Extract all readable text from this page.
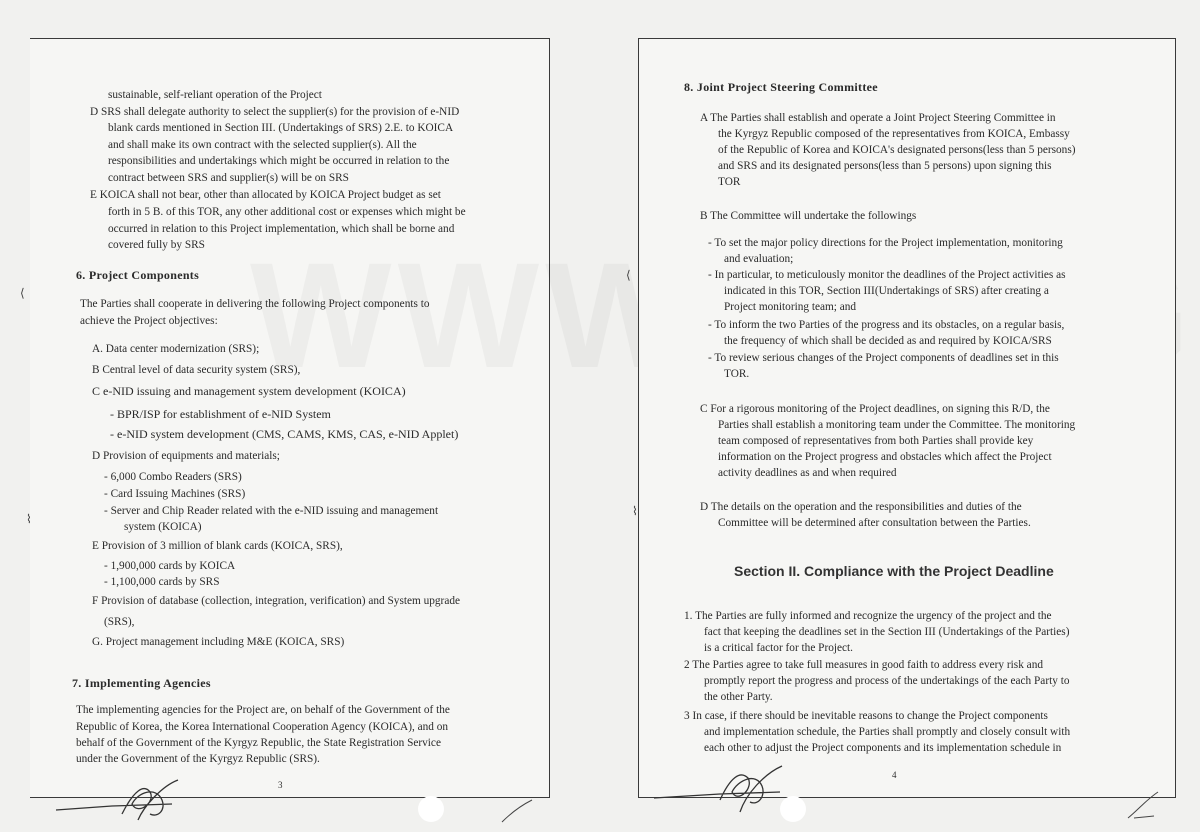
sustainable, self-reliant operation of the Project
D SRS shall delegate authority to select the supplier(s) for the provision of e-NID
blank cards mentioned in Section III. (Undertakings of SRS) 2.E. to KOICA
and shall make its own contract with the selected supplier(s). All the
responsibilities and undertakings which might be occurred in relation to the
contract between SRS and supplier(s) will be on SRS
E KOICA shall not bear, other than allocated by KOICA Project budget as set
forth in 5 B. of this TOR, any other additional cost or expenses which might be
occurred in relation to this Project implementation, which shall be borne and
covered fully by SRS
6. Project Components
The Parties shall cooperate in delivering the following Project components to
achieve the Project objectives:
A. Data center modernization (SRS);
B Central level of data security system (SRS),
C e-NID issuing and management system development (KOICA)
- BPR/ISP for establishment of e-NID System
- e-NID system development (CMS, CAMS, KMS, CAS, e-NID Applet)
D Provision of equipments and materials;
- 6,000 Combo Readers (SRS)
- Card Issuing Machines (SRS)
- Server and Chip Reader related with the e-NID issuing and management
system (KOICA)
E Provision of 3 million of blank cards (KOICA, SRS),
- 1,900,000 cards by KOICA
- 1,100,000 cards by SRS
F Provision of database (collection, integration, verification) and System upgrade
(SRS),
G. Project management including M&E (KOICA, SRS)
7. Implementing Agencies
The implementing agencies for the Project are, on behalf of the Government of the
Republic of Korea, the Korea International Cooperation Agency (KOICA), and on
behalf of the Government of the Kyrgyz Republic, the State Registration Service
under the Government of the Kyrgyz Republic (SRS).
3
8. Joint Project Steering Committee
A The Parties shall establish and operate a Joint Project Steering Committee in
the Kyrgyz Republic composed of the representatives from KOICA, Embassy
of the Republic of Korea and KOICA's designated persons(less than 5 persons)
and SRS and its designated persons(less than 5 persons) upon signing this
TOR
B The Committee will undertake the followings
- To set the major policy directions for the Project implementation, monitoring
and evaluation;
- In particular, to meticulously monitor the deadlines of the Project activities as
indicated in this TOR, Section III(Undertakings of SRS) after creating a
Project monitoring team; and
- To inform the two Parties of the progress and its obstacles, on a regular basis,
the frequency of which shall be decided as and required by KOICA/SRS
- To review serious changes of the Project components of deadlines set in this
TOR.
C For a rigorous monitoring of the Project deadlines, on signing this R/D, the
Parties shall establish a monitoring team under the Committee. The monitoring
team composed of representatives from both Parties shall provide key
information on the Project progress and obstacles which affect the Project
activity deadlines as and when required
D The details on the operation and the responsibilities and duties of the
Committee will be determined after consultation between the Parties.
Section II. Compliance with the Project Deadline
1. The Parties are fully informed and recognize the urgency of the project and the
fact that keeping the deadlines set in the Section III (Undertakings of the Parties)
is a critical factor for the Project.
2 The Parties agree to take full measures in good faith to address every risk and
promptly report the progress and process of the undertakings of the each Party to
the other Party.
3 In case, if there should be inevitable reasons to change the Project components
and implementation schedule, the Parties shall promptly and closely consult with
each other to adjust the Project components and its implementation schedule in
4
⌇
⌇
⟨
⟨
